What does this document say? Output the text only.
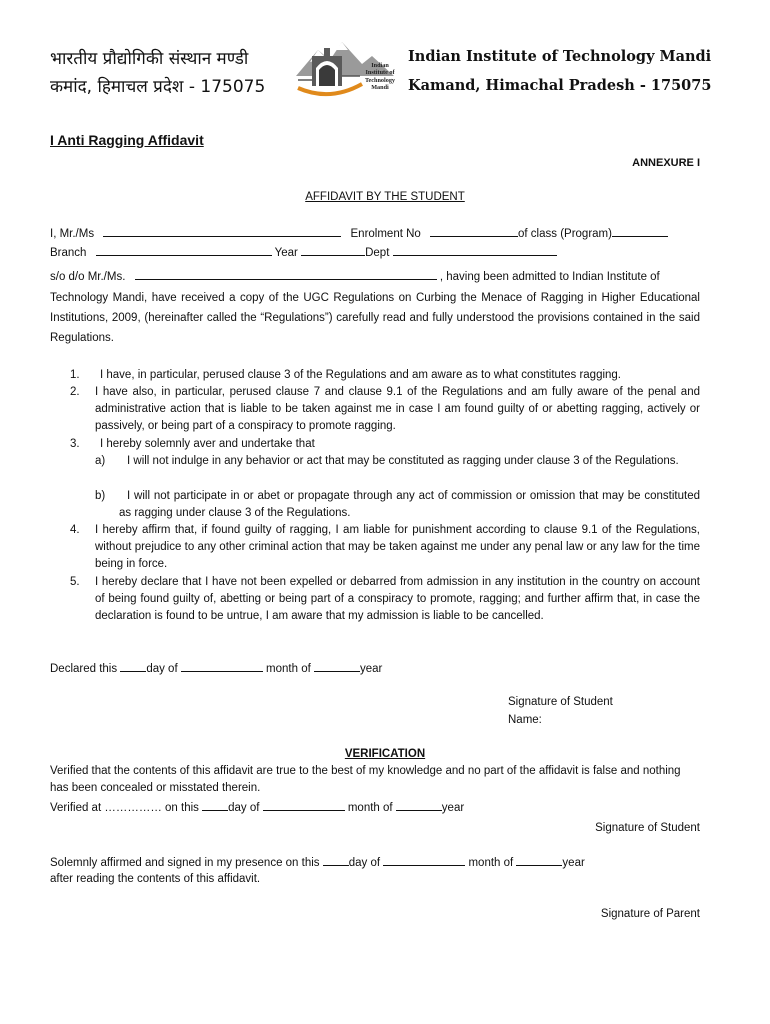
भारतीय प्रौद्योगिकी संस्थान मण्डी
कमांद, हिमाचल प्रदेश - 175075
Indian
Institute of
Technology
Mandi
Indian Institute of Technology Mandi
Kamand, Himachal Pradesh - 175075
I Anti Ragging Affidavit
ANNEXURE I
AFFIDAVIT BY THE STUDENT
I, Mr./Ms	Enrolment No	of class (Program)
Branch	Year	Dept
s/o d/o Mr./Ms.	, having been admitted to Indian Institute of
Technology Mandi, have received a copy of the UGC Regulations on Curbing the Menace of Ragging in Higher Educational Institutions, 2009, (hereinafter called the “Regulations”) carefully read and fully understood the provisions contained in the said Regulations.
1. I have, in particular, perused clause 3 of the Regulations and am aware as to what constitutes ragging.
2. I have also, in particular, perused clause 7 and clause 9.1 of the Regulations and am fully aware of the penal and administrative action that is liable to be taken against me in case I am found guilty of or abetting ragging, actively or passively, or being part of a conspiracy to promote ragging.
3. I hereby solemnly aver and undertake that
a)	I will not indulge in any behavior or act that may be constituted as ragging under clause 3 of the Regulations.
b)	I will not participate in or abet or propagate through any act of commission or omission that may be constituted as ragging under clause 3 of the Regulations.
4. I hereby affirm that, if found guilty of ragging, I am liable for punishment according to clause 9.1 of the Regulations, without prejudice to any other criminal action that may be taken against me under any penal law or any law for the time being in force.
5. I hereby declare that I have not been expelled or debarred from admission in any institution in the country on account of being found guilty of, abetting or being part of a conspiracy to promote, ragging; and further affirm that, in case the declaration is found to be untrue, I am aware that my admission is liable to be cancelled.
Declared this day of	month of	year
Signature of Student
Name:
VERIFICATION
Verified that the contents of this affidavit are true to the best of my knowledge and no part of the affidavit is false and nothing has been concealed or misstated therein.
Verified at …………… on this day of	month of	year
Signature of Student
Solemnly affirmed and signed in my presence on this day of	month of	year
after reading the contents of this affidavit.
Signature of Parent
